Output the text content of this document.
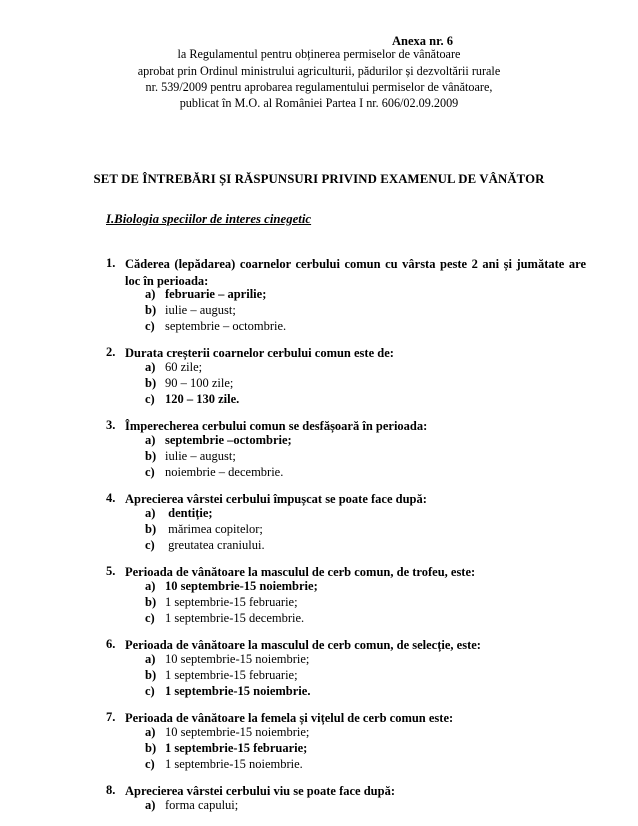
Anexa nr. 6
la Regulamentul pentru obținerea permiselor de vânătoare
aprobat prin Ordinul ministrului agriculturii, pădurilor și dezvoltării rurale
nr. 539/2009 pentru aprobarea regulamentului permiselor de vânătoare,
publicat în M.O. al României Partea I nr. 606/02.09.2009
SET DE ÎNTREBĂRI ȘI RĂSPUNSURI PRIVIND EXAMENUL DE VÂNĂTOR
I.Biologia speciilor de interes cinegetic
1. Căderea (lepădarea) coarnelor cerbului comun cu vârsta peste 2 ani și jumătate are loc în perioada:
a) februarie – aprilie;
b) iulie – august;
c) septembrie – octombrie.
2. Durata creșterii coarnelor cerbului comun este de:
a) 60 zile;
b) 90 – 100 zile;
c) 120 – 130 zile.
3. Împerecherea cerbului comun se desfășoară în perioada:
a) septembrie –octombrie;
b) iulie – august;
c) noiembrie – decembrie.
4. Aprecierea vârstei cerbului împușcat se poate face după:
a) dentiție;
b) mărimea copitelor;
c) greutatea craniului.
5. Perioada de vânătoare la masculul de cerb comun, de trofeu, este:
a) 10 septembrie-15 noiembrie;
b) 1 septembrie-15 februarie;
c) 1 septembrie-15 decembrie.
6. Perioada de vânătoare la masculul de cerb comun, de selecție, este:
a) 10 septembrie-15 noiembrie;
b) 1 septembrie-15 februarie;
c) 1 septembrie-15 noiembrie.
7. Perioada de vânătoare la femela și vițelul de cerb comun este:
a) 10 septembrie-15 noiembrie;
b) 1 septembrie-15 februarie;
c) 1 septembrie-15 noiembrie.
8. Aprecierea vârstei cerbului viu se poate face după:
a) forma capului;
